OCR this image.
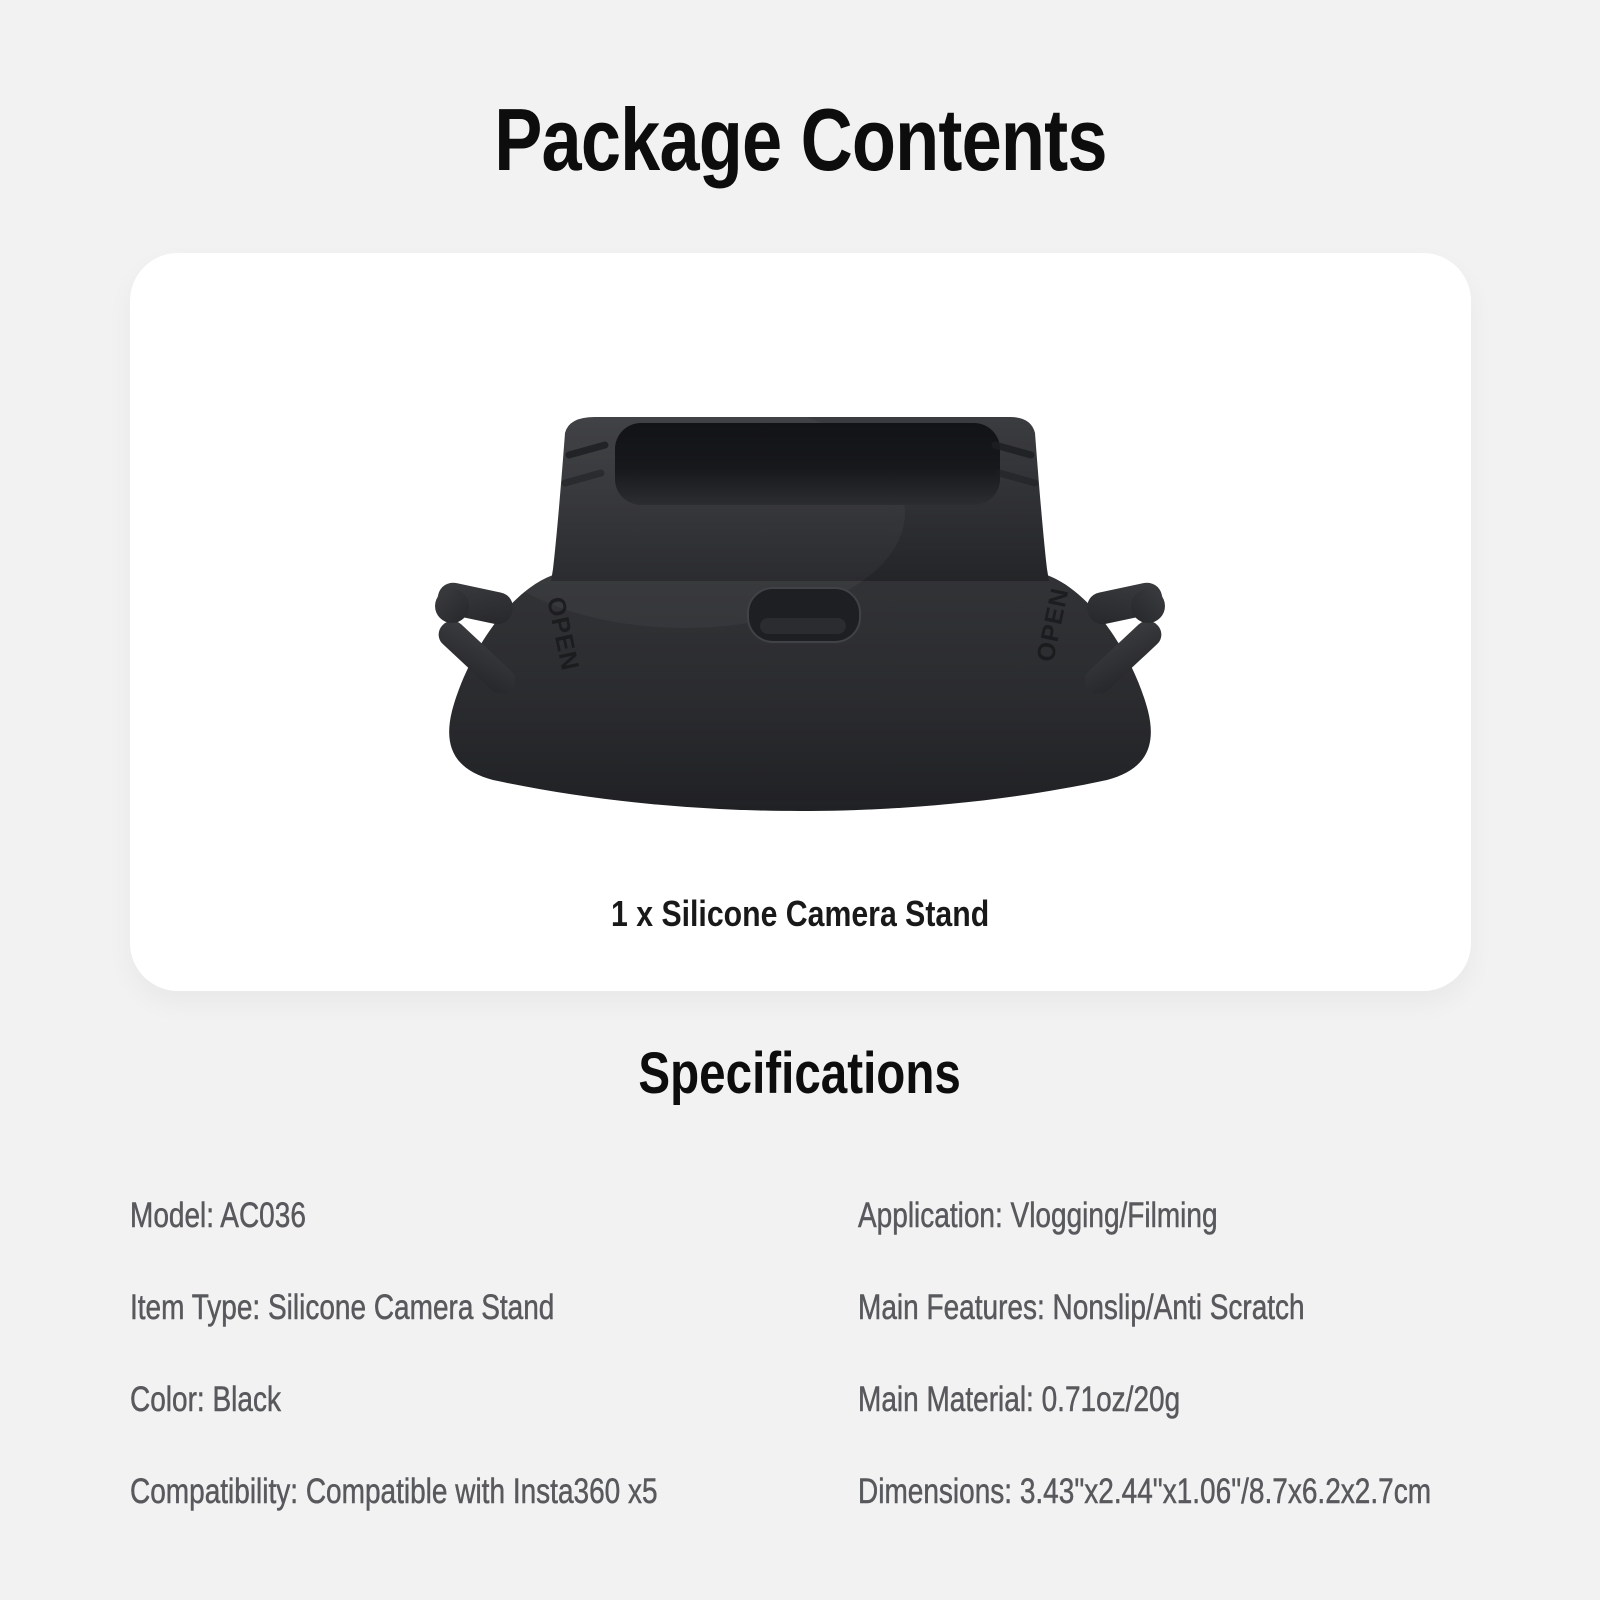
Package Contents
OPEN	OPEN

1 x Silicone Camera Stand

Specifications
Model: AC036
Item Type: Silicone Camera Stand
Color: Black
Compatibility: Compatible with Insta360 x5
Application: Vlogging/Filming
Main Features: Nonslip/Anti Scratch
Main Material: 0.71oz/20g
Dimensions: 3.43"x2.44"x1.06"/8.7x6.2x2.7cm
